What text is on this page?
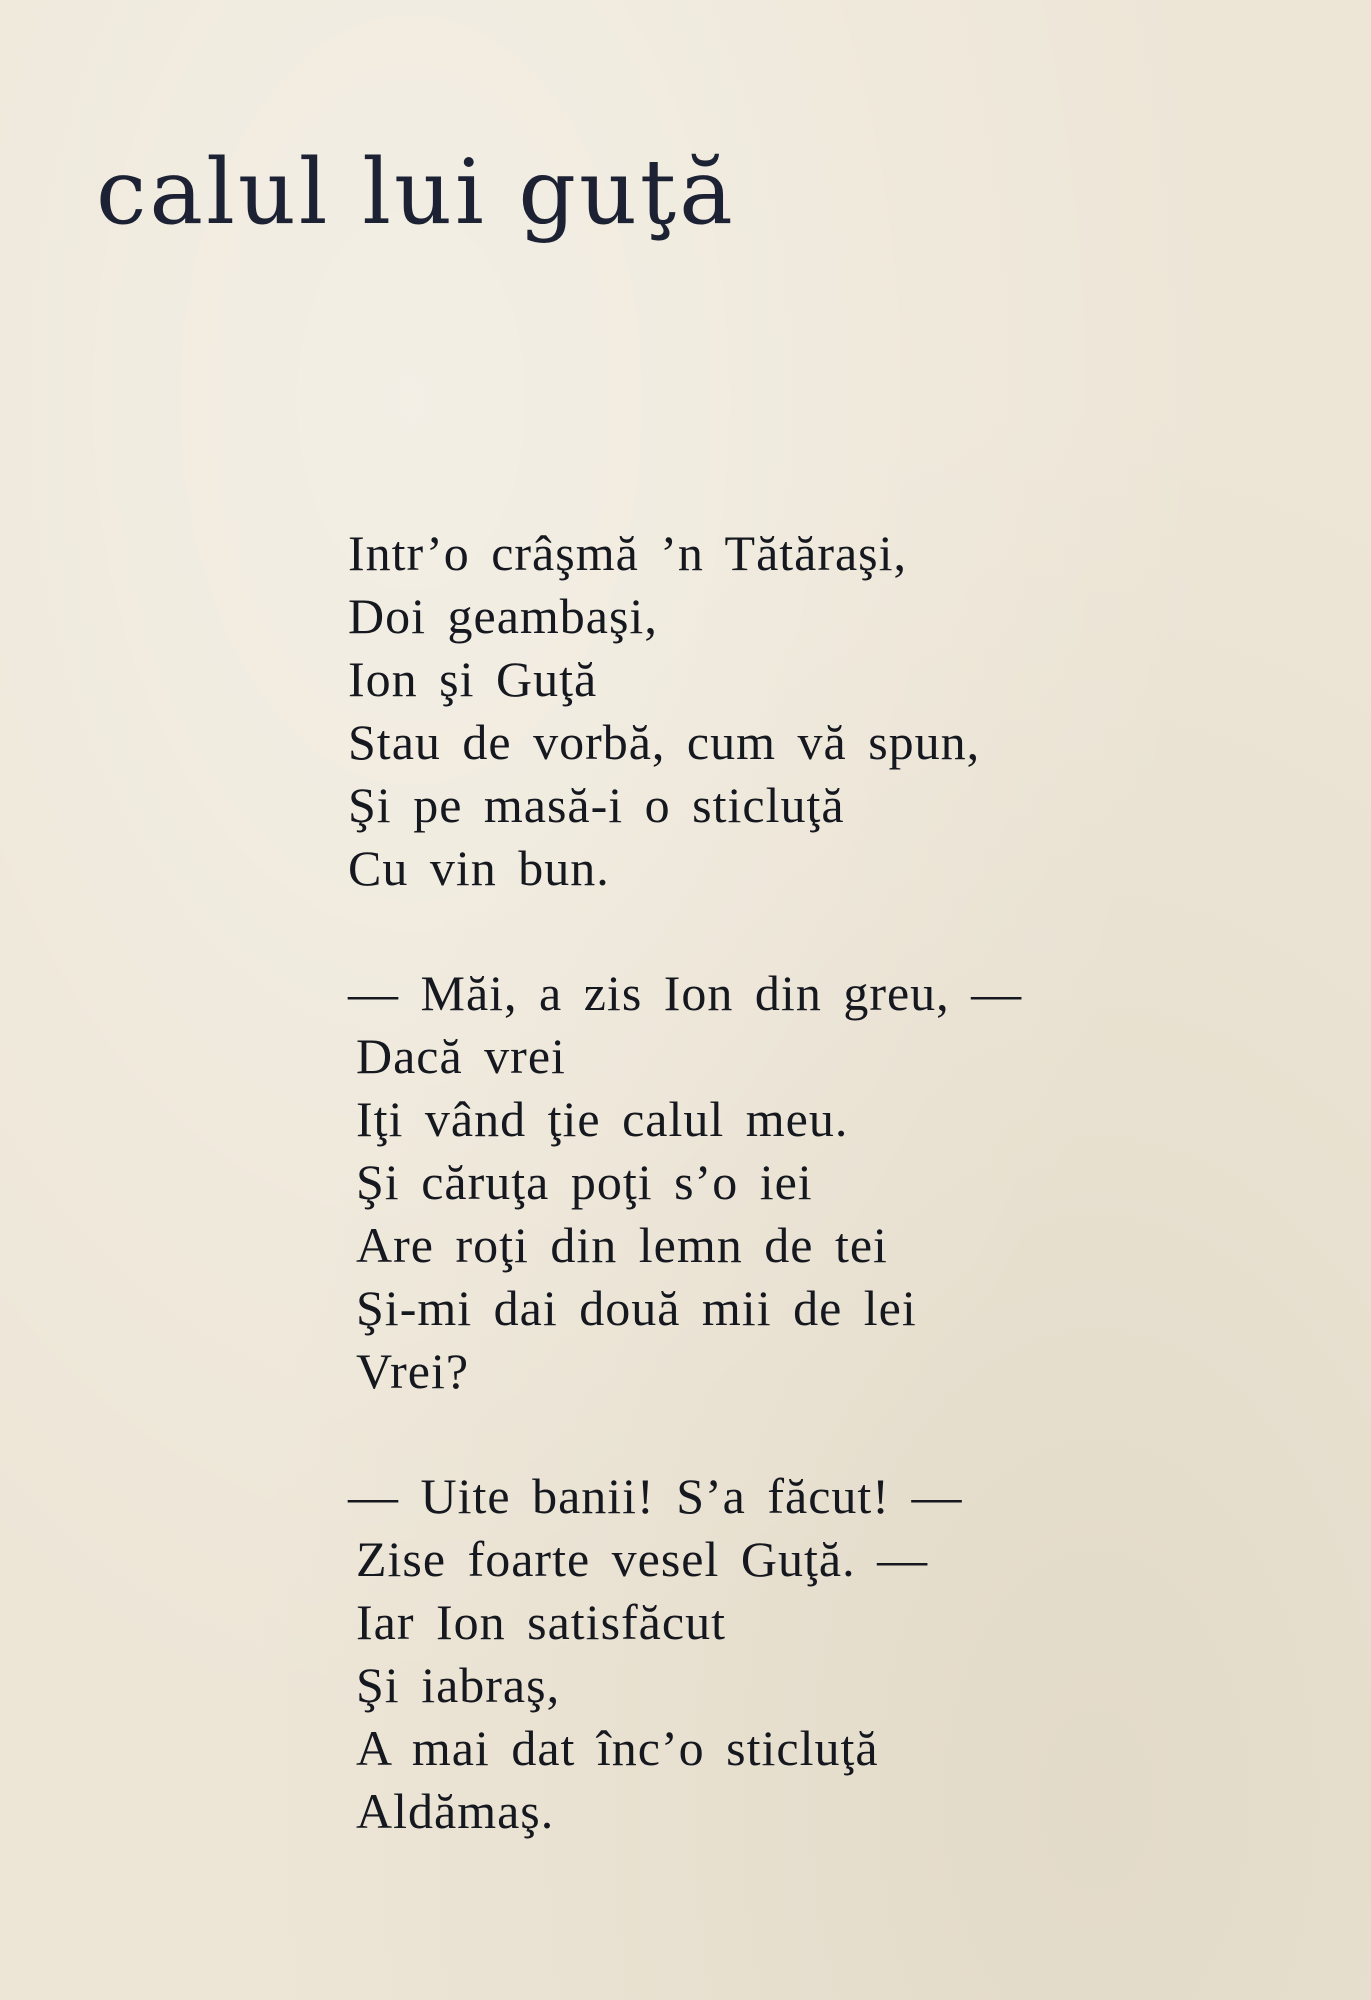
calul lui guţă
Intr’o crâşmă ’n Tătăraşi,
Doi geambaşi,
Ion şi Guţă
Stau de vorbă, cum vă spun,
Şi pe masă-i o sticluţă
Cu vin bun.
— Măi, a zis Ion din greu, —
Dacă vrei
Iţi vând ţie calul meu.
Şi căruţa poţi s’o iei
Are roţi din lemn de tei
Şi-mi dai două mii de lei
Vrei?
— Uite banii! S’a făcut! —
Zise foarte vesel Guţă. —
Iar Ion satisfăcut
Şi iabraş,
A mai dat înc’o sticluţă
Aldămaş.
